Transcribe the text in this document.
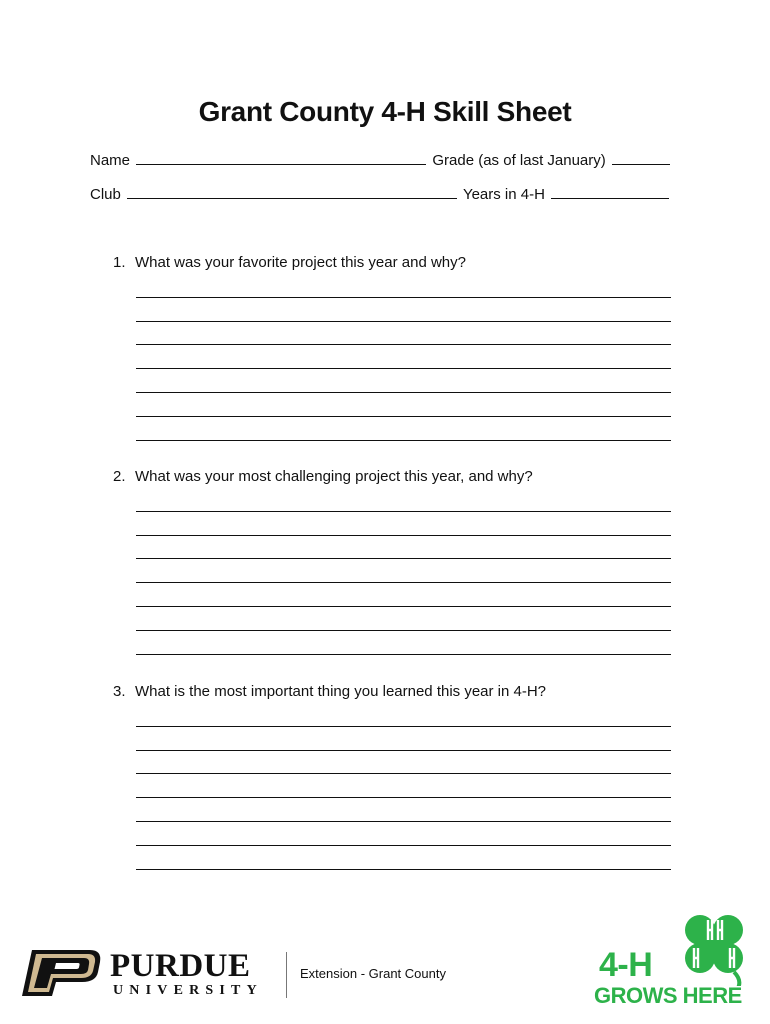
Grant County 4-H Skill Sheet
Name	Grade (as of last January)
Club	Years in 4-H
1. What was your favorite project this year and why?
2. What was your most challenging project this year, and why?
3. What is the most important thing you learned this year in 4-H?
PURDUE
UNIVERSITY
Extension - Grant County	4-H
GROWS HERE
